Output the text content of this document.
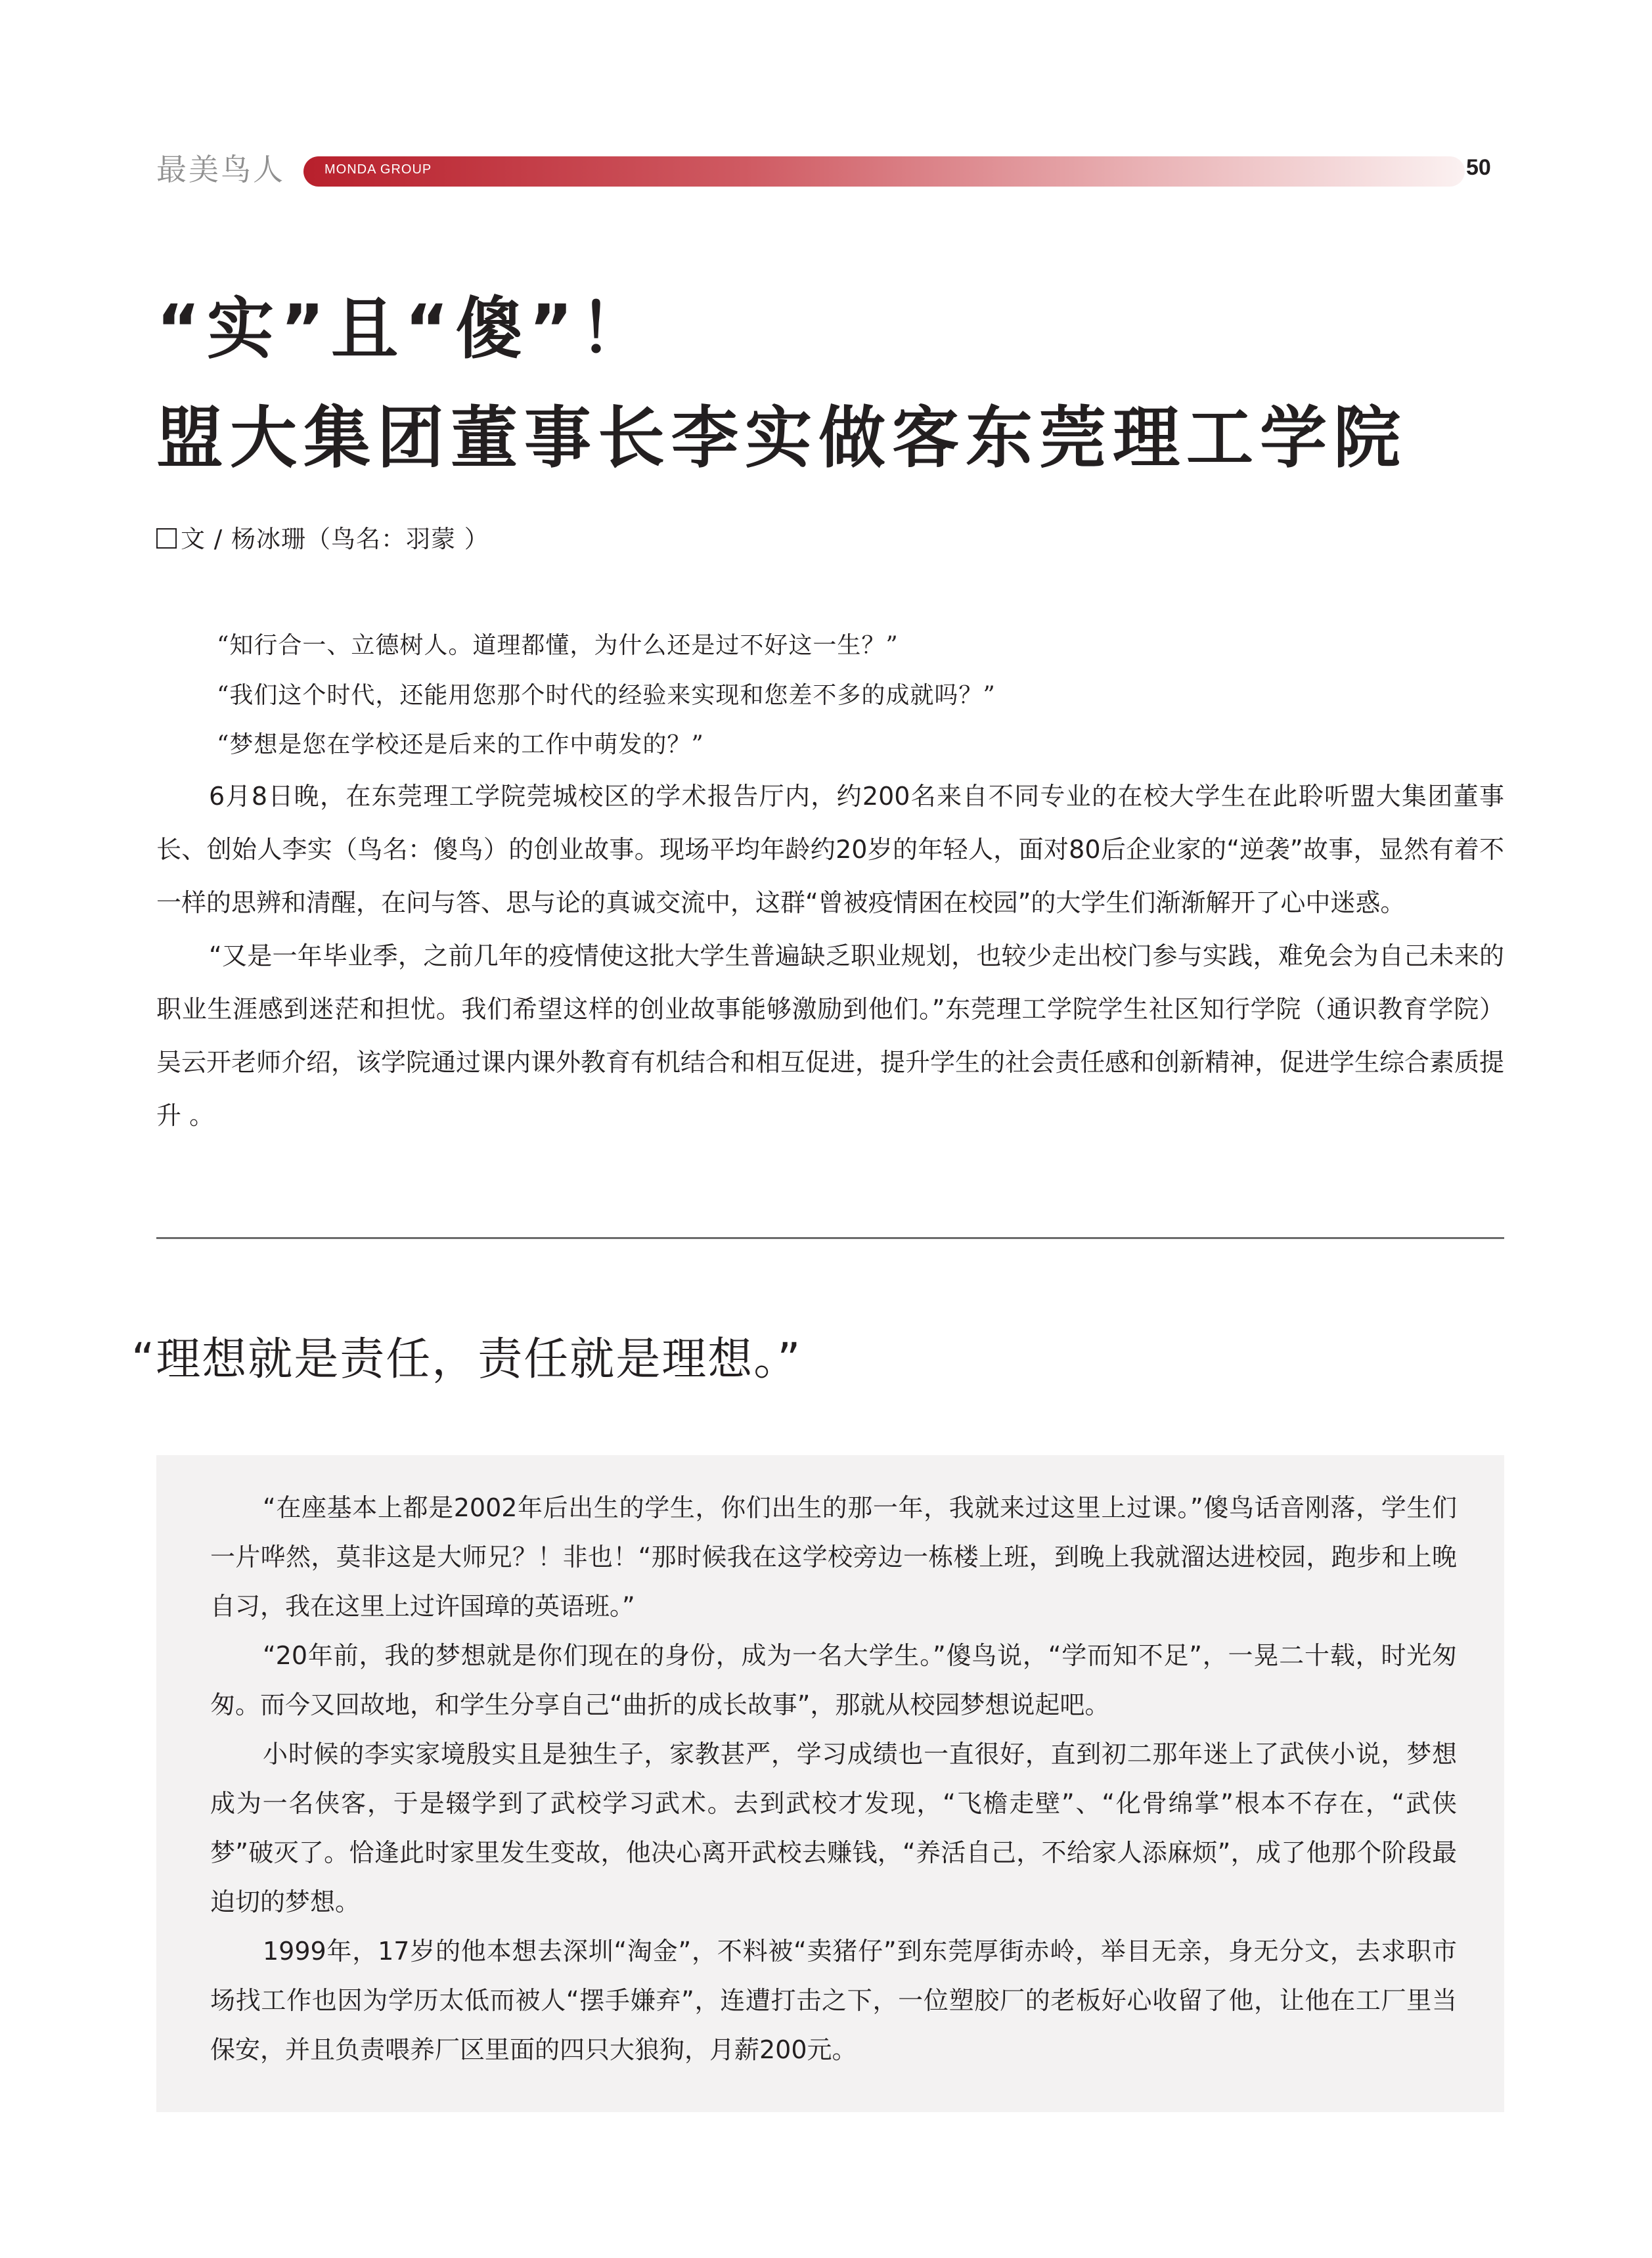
最美鸟人	MONDA GROUP	50
“实”且“傻”！
盟大集团董事长李实做客东莞理工学院
文 / 杨冰珊（鸟名：羽蒙 ）
“知行合一、立德树人。道理都懂，为什么还是过不好这一生？”
“我们这个时代，还能用您那个时代的经验来实现和您差不多的成就吗？”
“梦想是您在学校还是后来的工作中萌发的？”

6月8日晚，在东莞理工学院莞城校区的学术报告厅内，约200名来自不同专业的在校大学生在此聆听盟大集团董事长、创始人李实（鸟名：傻鸟）的创业故事。现场平均年龄约20岁的年轻人，面对80后企业家的“逆袭”故事，显然有着不一样的思辨和清醒，在问与答、思与论的真诚交流中，这群“曾被疫情困在校园”的大学生们渐渐解开了心中迷惑。

“又是一年毕业季，之前几年的疫情使这批大学生普遍缺乏职业规划，也较少走出校门参与实践，难免会为自己未来的职业生涯感到迷茫和担忧。我们希望这样的创业故事能够激励到他们。”东莞理工学院学生社区知行学院（通识教育学院）吴云开老师介绍，该学院通过课内课外教育有机结合和相互促进，提升学生的社会责任感和创新精神，促进学生综合素质提升 。

“理想就是责任，责任就是理想。”

“在座基本上都是2002年后出生的学生，你们出生的那一年，我就来过这里上过课。”傻鸟话音刚落，学生们一片哗然，莫非这是大师兄？！非也！“那时候我在这学校旁边一栋楼上班，到晚上我就溜达进校园，跑步和上晚自习，我在这里上过许国璋的英语班。”

“20年前，我的梦想就是你们现在的身份，成为一名大学生。”傻鸟说，“学而知不足”，一晃二十载，时光匆匆。而今又回故地，和学生分享自己“曲折的成长故事”，那就从校园梦想说起吧。

小时候的李实家境殷实且是独生子，家教甚严，学习成绩也一直很好，直到初二那年迷上了武侠小说，梦想成为一名侠客，于是辍学到了武校学习武术。去到武校才发现，“飞檐走壁”、“化骨绵掌”根本不存在，“武侠梦”破灭了。恰逢此时家里发生变故，他决心离开武校去赚钱，“养活自己，不给家人添麻烦”，成了他那个阶段最迫切的梦想。

1999年，17岁的他本想去深圳“淘金”，不料被“卖猪仔”到东莞厚街赤岭，举目无亲，身无分文，去求职市场找工作也因为学历太低而被人“摆手嫌弃”，连遭打击之下，一位塑胶厂的老板好心收留了他，让他在工厂里当保安，并且负责喂养厂区里面的四只大狼狗，月薪200元。
